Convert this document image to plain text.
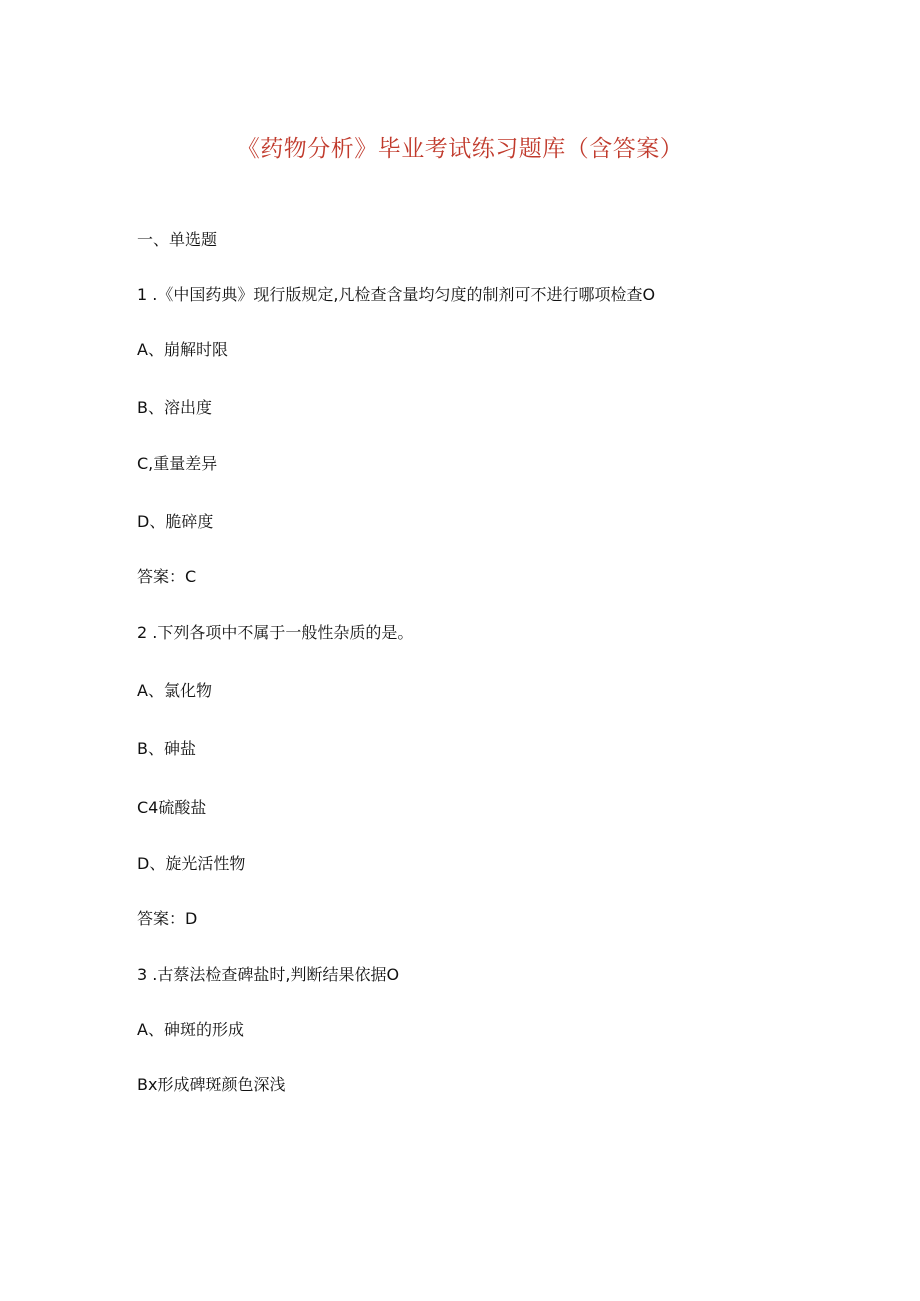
《药物分析》毕业考试练习题库（含答案）
一、单选题
1 .《中国药典》现行版规定,凡检查含量均匀度的制剂可不进行哪项检查O
A、崩解时限
B、溶出度
C,重量差异
D、脆碎度
答案：C
2 .下列各项中不属于一般性杂质的是。
A、氯化物
B、砷盐
C4硫酸盐
D、旋光活性物
答案：D
3 .古蔡法检查碑盐时,判断结果依据O
A、砷斑的形成
Bx形成碑斑颜色深浅
